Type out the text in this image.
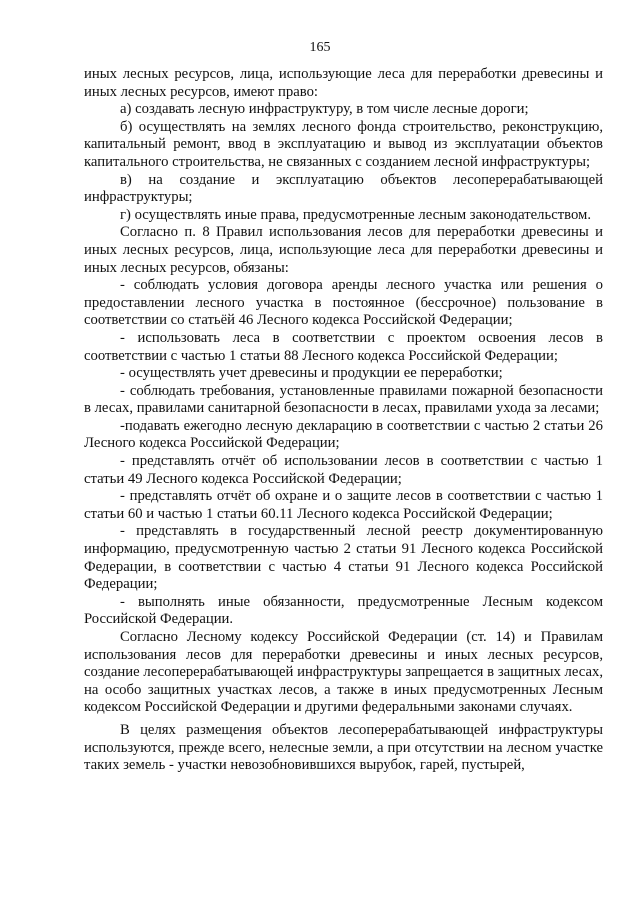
165

иных лесных ресурсов, лица, использующие леса для переработки древесины и иных лесных ресурсов, имеют право:

а) создавать лесную инфраструктуру, в том числе лесные дороги;

б) осуществлять на землях лесного фонда строительство, реконструкцию, капитальный ремонт, ввод в эксплуатацию и вывод из эксплуатации объектов капитального строительства, не связанных с созданием лесной инфраструктуры;

в) на создание и эксплуатацию объектов лесоперерабатывающей инфраструктуры;

г) осуществлять иные права, предусмотренные лесным законодательством.

Согласно п. 8 Правил использования лесов для переработки древесины и иных лесных ресурсов, лица, использующие леса для переработки древесины и иных лесных ресурсов, обязаны:

- соблюдать условия договора аренды лесного участка или решения о предоставлении лесного участка в постоянное (бессрочное) пользование в соответствии со статьёй 46 Лесного кодекса Российской Федерации;

- использовать леса в соответствии с проектом освоения лесов в соответствии с частью 1 статьи 88 Лесного кодекса Российской Федерации;

- осуществлять учет древесины и продукции ее переработки;

- соблюдать требования, установленные правилами пожарной безопасности в лесах, правилами санитарной безопасности в лесах, правилами ухода за лесами;

-подавать ежегодно лесную декларацию в соответствии с частью 2 статьи 26 Лесного кодекса Российской Федерации;

- представлять отчёт об использовании лесов в соответствии с частью 1 статьи 49 Лесного кодекса Российской Федерации;

- представлять отчёт об охране и о защите лесов в соответствии с частью 1 статьи 60 и частью 1 статьи 60.11 Лесного кодекса Российской Федерации;

- представлять в государственный лесной реестр документированную информацию, предусмотренную частью 2 статьи 91 Лесного кодекса Российской Федерации, в соответствии с частью 4 статьи 91 Лесного кодекса Российской Федерации;

- выполнять иные обязанности, предусмотренные Лесным кодексом Российской Федерации.

Согласно Лесному кодексу Российской Федерации (ст. 14) и Правилам использования лесов для переработки древесины и иных лесных ресурсов, создание лесоперерабатывающей инфраструктуры запрещается в защитных лесах, на особо защитных участках лесов, а также в иных предусмотренных Лесным кодексом Российской Федерации и другими федеральными законами случаях.

В целях размещения объектов лесоперерабатывающей инфраструктуры используются, прежде всего, нелесные земли, а при отсутствии на лесном участке таких земель - участки невозобновившихся вырубок, гарей, пустырей,
